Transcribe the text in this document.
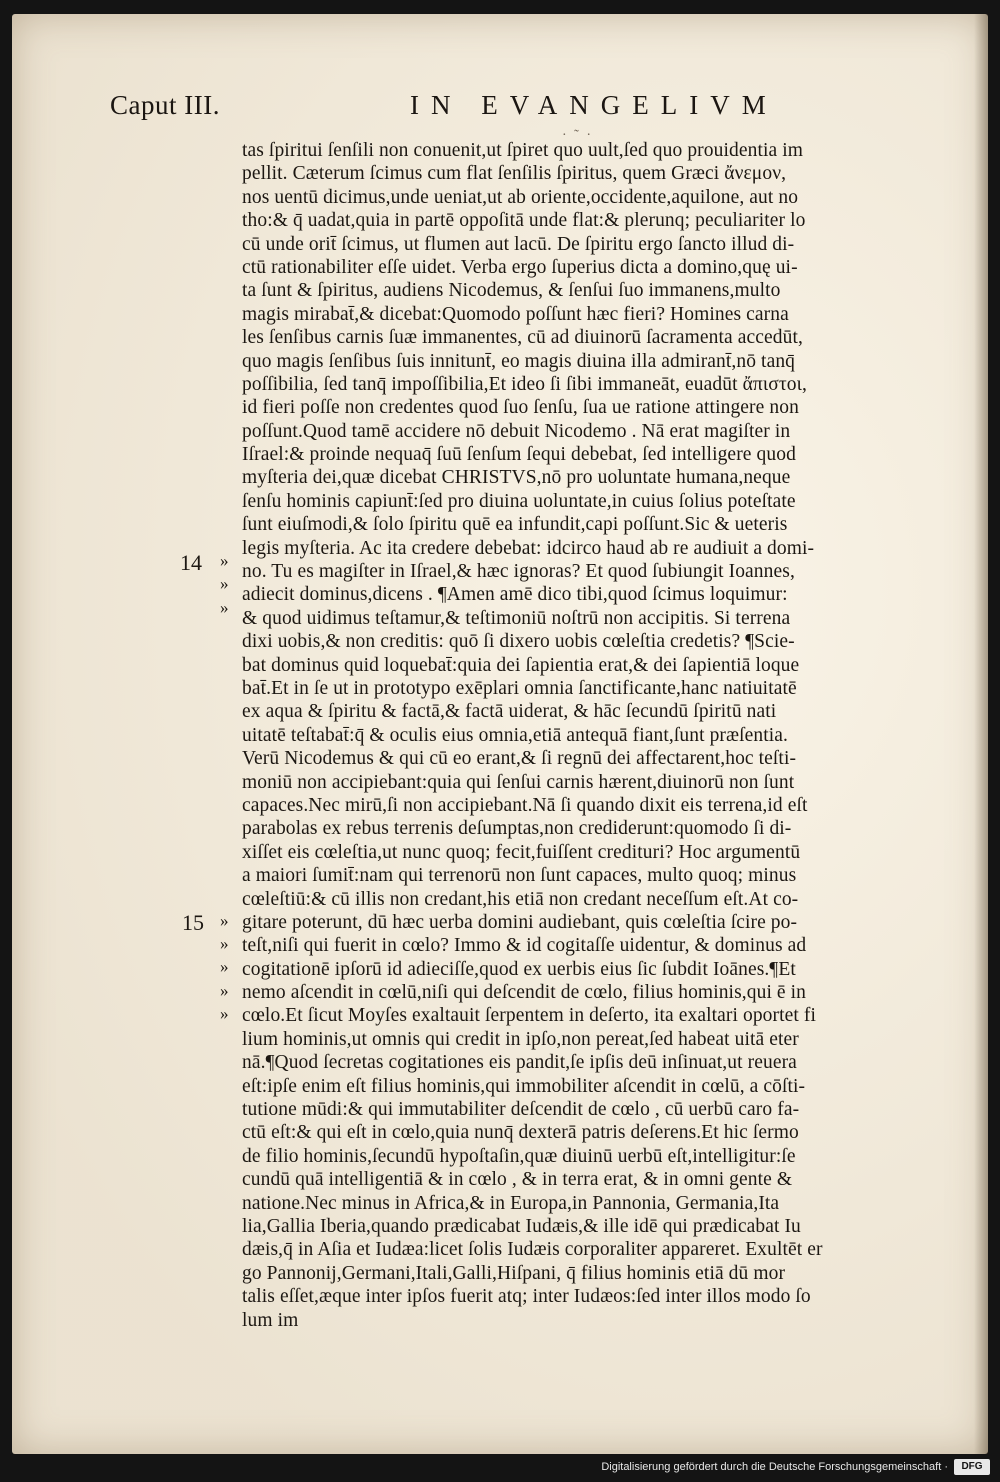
Caput III.	IN EVANGELIVM
· ˜ ·
14 »
»
»
15 »
»
»
»
»
tas ſpiritui ſenſili non conuenit,ut ſpiret quo uult,ſed quo prouidentia im
pellit. Cæterum ſcimus cum flat ſenſilis ſpiritus, quem Græci ἄνεμον,
nos uentū dicimus,unde ueniat,ut ab oriente,occidente,aquilone, aut no
tho:& q̄ uadat,quia in partē oppoſitā unde flat:& plerunq; peculiariter lo
cū unde orit̄ ſcimus, ut flumen aut lacū. De ſpiritu ergo ſancto illud di-
ctū rationabiliter eſſe uidet. Verba ergo ſuperius dicta a domino,quę ui-
ta ſunt & ſpiritus, audiens Nicodemus, & ſenſui ſuo immanens,multo
magis mirabat̄,& dicebat:Quomodo poſſunt hæc fieri? Homines carna
les ſenſibus carnis ſuæ immanentes, cū ad diuinorū ſacramenta accedūt,
quo magis ſenſibus ſuis innitunt̄, eo magis diuina illa admirant̄,nō tanq̄
poſſibilia, ſed tanq̄ impoſſibilia,Et ideo ſi ſibi immaneāt, euadūt ἄπιστοι,
id fieri poſſe non credentes quod ſuo ſenſu, ſua ue ratione attingere non
poſſunt.Quod tamē accidere nō debuit Nicodemo . Nā erat magiſter in
Iſrael:& proinde nequaq̄ ſuū ſenſum ſequi debebat, ſed intelligere quod
myſteria dei,quæ dicebat CHRISTVS,nō pro uoluntate humana,neque
ſenſu hominis capiunt̄:ſed pro diuina uoluntate,in cuius ſolius poteſtate
ſunt eiuſmodi,& ſolo ſpiritu quē ea infundit,capi poſſunt.Sic & ueteris
legis myſteria. Ac ita credere debebat: idcirco haud ab re audiuit a domi-
no. Tu es magiſter in Iſrael,& hæc ignoras? Et quod ſubiungit Ioannes,
adiecit dominus,dicens . ¶Amen amē dico tibi,quod ſcimus loquimur:
& quod uidimus teſtamur,& teſtimoniū noſtrū non accipitis. Si terrena
dixi uobis,& non creditis: quō ſi dixero uobis cœleſtia credetis? ¶Scie-
bat dominus quid loquebat̄:quia dei ſapientia erat,& dei ſapientiā loque
bat̄.Et in ſe ut in prototypo exēplari omnia ſanctificante,hanc natiuitatē
ex aqua & ſpiritu & factā,& factā uiderat, & hāc ſecundū ſpiritū nati
uitatē teſtabat̄:q̄ & oculis eius omnia,etiā antequā fiant,ſunt præſentia.
Verū Nicodemus & qui cū eo erant,& ſi regnū dei affectarent,hoc teſti-
moniū non accipiebant:quia qui ſenſui carnis hærent,diuinorū non ſunt
capaces.Nec mirū,ſi non accipiebant.Nā ſi quando dixit eis terrena,id eſt
parabolas ex rebus terrenis deſumptas,non crediderunt:quomodo ſi di-
xiſſet eis cœleſtia,ut nunc quoq; fecit,fuiſſent credituri? Hoc argumentū
a maiori ſumit̄:nam qui terrenorū non ſunt capaces, multo quoq; minus
cœleſtiū:& cū illis non credant,his etiā non credant neceſſum eſt.At co-
gitare poterunt, dū hæc uerba domini audiebant, quis cœleſtia ſcire po-
teſt,niſi qui fuerit in cœlo? Immo & id cogitaſſe uidentur, & dominus ad
cogitationē ipſorū id adieciſſe,quod ex uerbis eius ſic ſubdit Ioānes.¶Et
nemo aſcendit in cœlū,niſi qui deſcendit de cœlo, filius hominis,qui ē in
cœlo.Et ſicut Moyſes exaltauit ſerpentem in deſerto, ita exaltari oportet fi
lium hominis,ut omnis qui credit in ipſo,non pereat,ſed habeat uitā eter
nā.¶Quod ſecretas cogitationes eis pandit,ſe ipſis deū inſinuat,ut reuera
eſt:ipſe enim eſt filius hominis,qui immobiliter aſcendit in cœlū, a cōſti-
tutione mūdi:& qui immutabiliter deſcendit de cœlo , cū uerbū caro fa-
ctū eſt:& qui eſt in cœlo,quia nunq̄ dexterā patris deſerens.Et hic ſermo
de filio hominis,ſecundū hypoſtaſin,quæ diuinū uerbū eſt,intelligitur:ſe
cundū quā intelligentiā & in cœlo , & in terra erat, & in omni gente &
natione.Nec minus in Africa,& in Europa,in Pannonia, Germania,Ita
lia,Gallia Iberia,quando prædicabat Iudæis,& ille idē qui prædicabat Iu
dæis,q̄ in Aſia et Iudæa:licet ſolis Iudæis corporaliter appareret. Exultēt er
go Pannonij,Germani,Itali,Galli,Hiſpani, q̄ filius hominis etiā dū mor
talis eſſet,æque inter ipſos fuerit atq; inter Iudæos:ſed inter illos modo ſo
lum im
Digitalisierung gefördert durch die Deutsche Forschungsgemeinschaft ·	DFG
